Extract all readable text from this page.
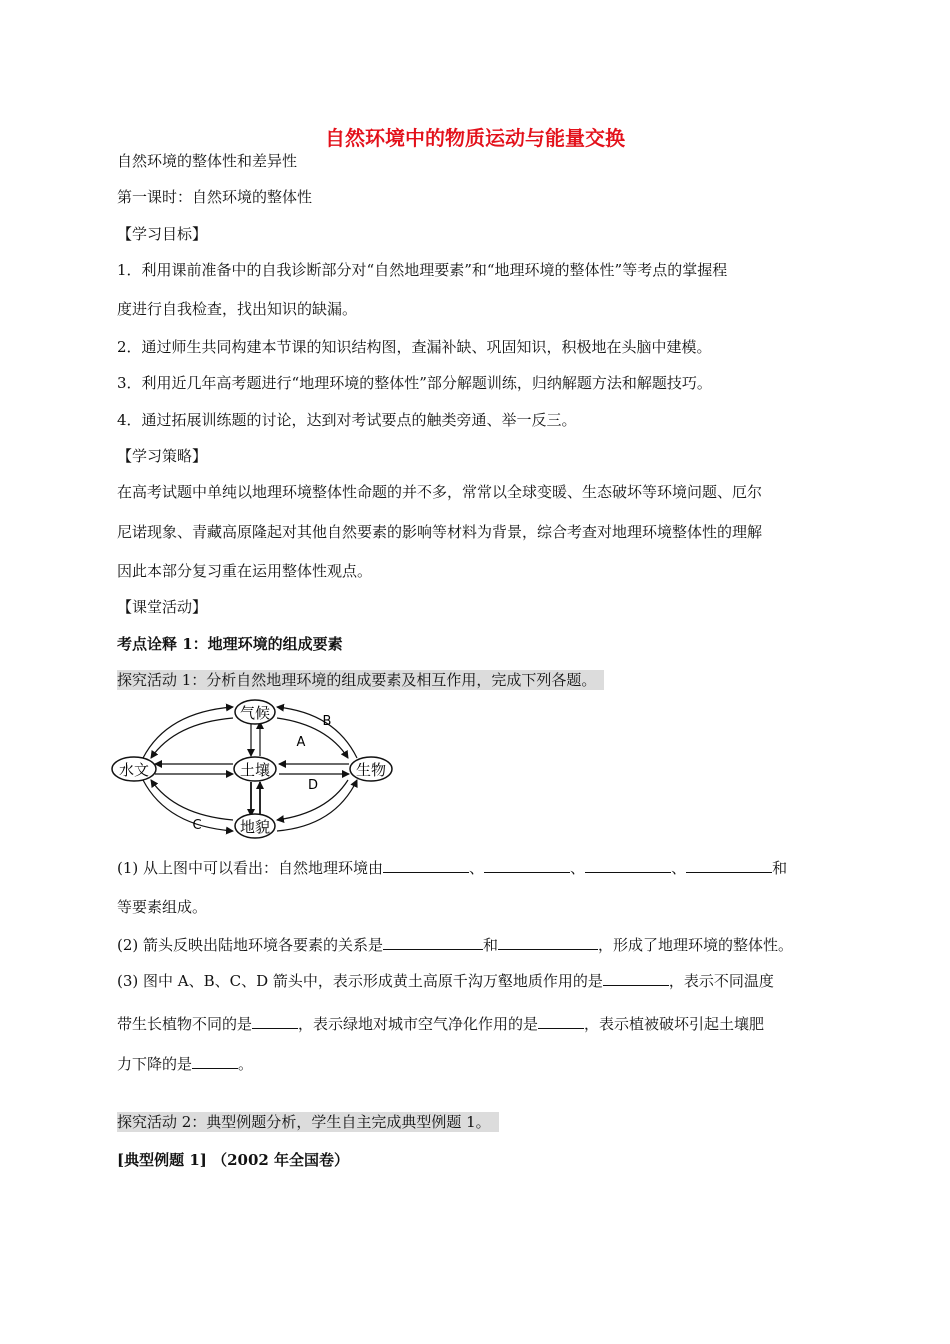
自然环境中的物质运动与能量交换
自然环境的整体性和差异性
第一课时：自然环境的整体性
【学习目标】
1．利用课前准备中的自我诊断部分对“自然地理要素”和“地理环境的整体性”等考点的掌握程
度进行自我检查，找出知识的缺漏。
2．通过师生共同构建本节课的知识结构图，查漏补缺、巩固知识，积极地在头脑中建模。
3．利用近几年高考题进行“地理环境的整体性”部分解题训练，归纳解题方法和解题技巧。
4．通过拓展训练题的讨论，达到对考试要点的触类旁通、举一反三。
【学习策略】
在高考试题中单纯以地理环境整体性命题的并不多，常常以全球变暖、生态破坏等环境问题、厄尔
尼诺现象、青藏高原隆起对其他自然要素的影响等材料为背景，综合考查对地理环境整体性的理解
因此本部分复习重在运用整体性观点。
【课堂活动】
考点诠释 1：地理环境的组成要素
探究活动 1：分析自然地理环境的组成要素及相互作用，完成下列各题。
气候
水文	土壤	生物
地貌
A
B
C
D
(1) 从上图中可以看出：自然地理环境由	、	、	、	和
等要素组成。
(2) 箭头反映出陆地环境各要素的关系是	和	，形成了地理环境的整体性。
(3) 图中 A、B、C、D 箭头中，表示形成黄土高原千沟万壑地质作用的是	，表示不同温度
带生长植物不同的是	，表示绿地对城市空气净化作用的是	，表示植被破坏引起土壤肥
力下降的是	。
探究活动 2：典型例题分析，学生自主完成典型例题 1。
[典型例题 1] （2002 年全国卷）
